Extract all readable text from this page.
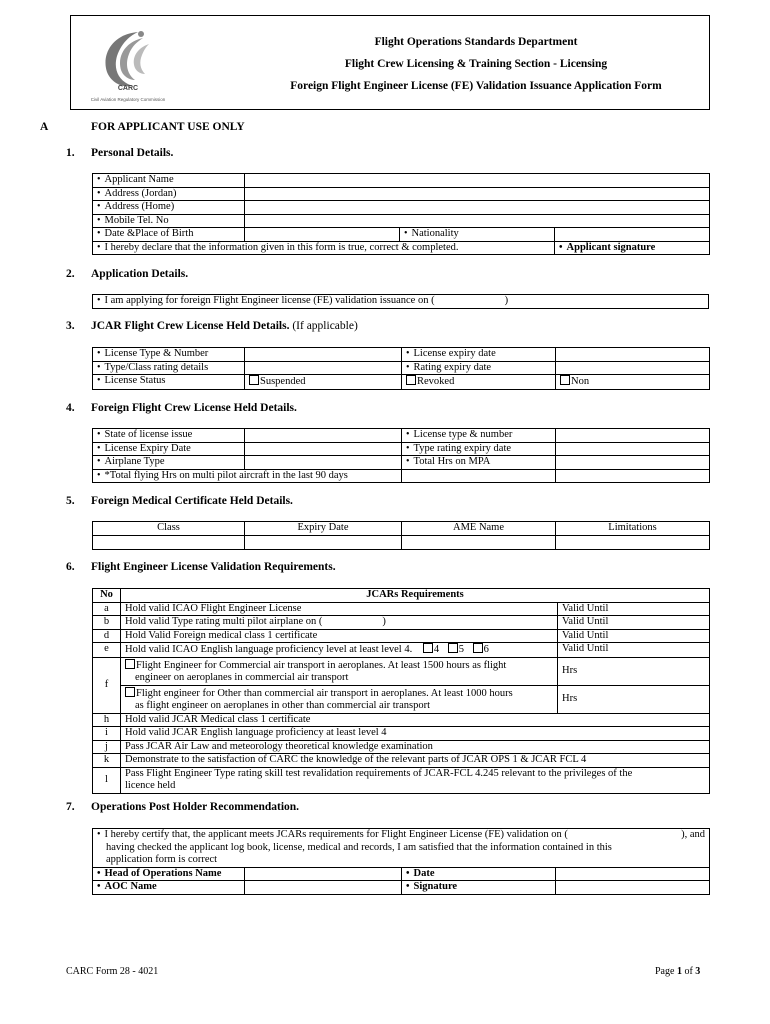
CARC
Civil Aviation Regulatory Commission
Flight Operations Standards Department
Flight Crew Licensing & Training Section - Licensing
Foreign Flight Engineer License (FE) Validation Issuance Application Form
A	FOR APPLICANT USE ONLY
1. Personal Details.
• Applicant Name	
• Address (Jordan)	
• Address (Home)	
• Mobile Tel. No	
• Date &Place of Birth		• Nationality	
• I hereby declare that the information given in this form is true, correct & completed.			• Applicant signature
2. Application Details.
• I am applying for foreign Flight Engineer license (FE) validation issuance on (	)
3. JCAR Flight Crew License Held Details. (If applicable)
• License Type & Number		• License expiry date	
• Type/Class rating details		• Rating expiry date	
• License Status	Suspended	Revoked	Non
4. Foreign Flight Crew License Held Details.
• State of license issue		• License type & number	
• License Expiry Date		• Type rating expiry date	
• Airplane Type		• Total Hrs on MPA	
• *Total flying Hrs on multi pilot aircraft in the last 90 days		
5. Foreign Medical Certificate Held Details.
Class	Expiry Date	AME Name	Limitations

6. Flight Engineer License Validation Requirements.
No	JCARs Requirements	
a	Hold valid ICAO Flight Engineer License	Valid Until
b	Hold valid Type rating multi pilot airplane on ( )	Valid Until
d	Hold Valid Foreign medical class 1 certificate	Valid Until
e	Hold valid ICAO English language proficiency level at least level 4. 4 5 6	Valid Until
f	Flight Engineer for Commercial air transport in aeroplanes. At least 1500 hours as flight
engineer on aeroplanes in commercial air transport	Hrs

	Flight engineer for Other than commercial air transport in aeroplanes. At least 1000 hours
as flight engineer on aeroplanes in other than commercial air transport	Hrs
h	Hold valid JCAR Medical class 1 certificate	
i	Hold valid JCAR English language proficiency at least level 4	
j	Pass JCAR Air Law and meteorology theoretical knowledge examination	
k	Demonstrate to the satisfaction of CARC the knowledge of the relevant parts of JCAR OPS 1 & JCAR FCL 4	
l	Pass Flight Engineer Type rating skill test revalidation requirements of JCAR-FCL 4.245 relevant to the privileges of the
licence held	
7. Operations Post Holder Recommendation.
• I hereby certify that, the applicant meets JCARs requirements for Flight Engineer License (FE) validation on ( ), and
having checked the applicant log book, license, medical and records, I am satisfied that the information contained in this
application form is correct

• Head of Operations Name		• Date	
• AOC Name		• Signature	
CARC Form 28 - 4021	Page 1 of 3
